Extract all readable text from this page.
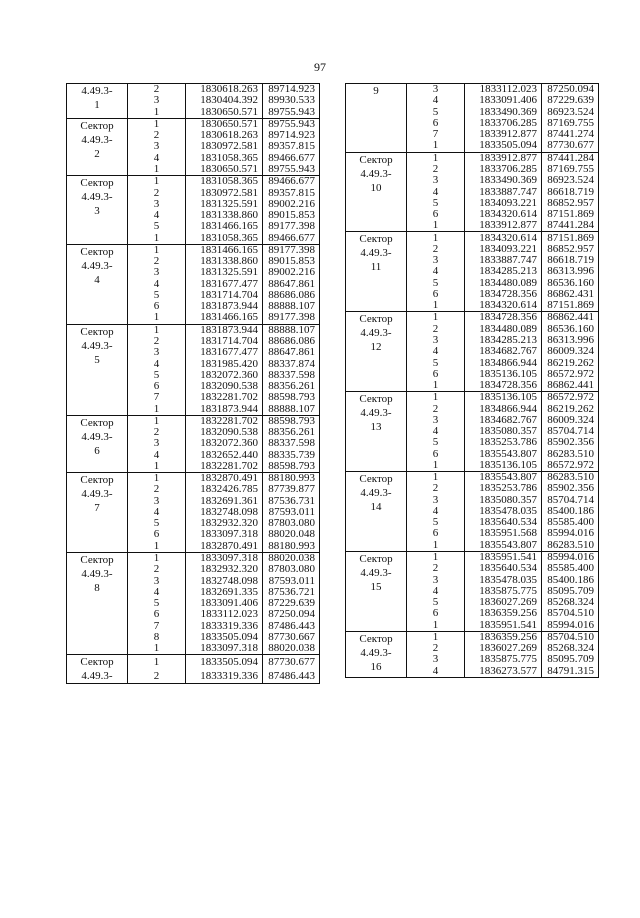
97
4.49.3-
1	2	1830618.263	89714.923
	3	1830404.392	89930.533
	1	1830650.571	89755.943
Сектор
4.49.3-
2	1	1830650.571	89755.943
	2	1830618.263	89714.923
	3	1830972.581	89357.815
	4	1831058.365	89466.677
	1	1830650.571	89755.943
Сектор
4.49.3-
3	1	1831058.365	89466.677
	2	1830972.581	89357.815
	3	1831325.591	89002.216
	4	1831338.860	89015.853
	5	1831466.165	89177.398
	1	1831058.365	89466.677
Сектор
4.49.3-
4	1	1831466.165	89177.398
	2	1831338.860	89015.853
	3	1831325.591	89002.216
	4	1831677.477	88647.861
	5	1831714.704	88686.086
	6	1831873.944	88888.107
	1	1831466.165	89177.398
Сектор
4.49.3-
5	1	1831873.944	88888.107
	2	1831714.704	88686.086
	3	1831677.477	88647.861
	4	1831985.420	88337.874
	5	1832072.360	88337.598
	6	1832090.538	88356.261
	7	1832281.702	88598.793
	1	1831873.944	88888.107
Сектор
4.49.3-
6	1	1832281.702	88598.793
	2	1832090.538	88356.261
	3	1832072.360	88337.598
	4	1832652.440	88335.739
	1	1832281.702	88598.793
Сектор
4.49.3-
7	1	1832870.491	88180.993
	2	1832426.785	87739.877
	3	1832691.361	87536.731
	4	1832748.098	87593.011
	5	1832932.320	87803.080
	6	1833097.318	88020.048
	1	1832870.491	88180.993
Сектор
4.49.3-
8	1	1833097.318	88020.038
	2	1832932.320	87803.080
	3	1832748.098	87593.011
	4	1832691.335	87536.721
	5	1833091.406	87229.639
	6	1833112.023	87250.094
	7	1833319.336	87486.443
	8	1833505.094	87730.667
	1	1833097.318	88020.038
Сектор
4.49.3-	1	1833505.094	87730.677
	2	1833319.336	87486.443
9	3	1833112.023	87250.094
	4	1833091.406	87229.639
	5	1833490.369	86923.524
	6	1833706.285	87169.755
	7	1833912.877	87441.274
	1	1833505.094	87730.677
Сектор
4.49.3-
10	1	1833912.877	87441.284
	2	1833706.285	87169.755
	3	1833490.369	86923.524
	4	1833887.747	86618.719
	5	1834093.221	86852.957
	6	1834320.614	87151.869
	1	1833912.877	87441.284
Сектор
4.49.3-
11	1	1834320.614	87151.869
	2	1834093.221	86852.957
	3	1833887.747	86618.719
	4	1834285.213	86313.996
	5	1834480.089	86536.160
	6	1834728.356	86862.431
	1	1834320.614	87151.869
Сектор
4.49.3-
12	1	1834728.356	86862.441
	2	1834480.089	86536.160
	3	1834285.213	86313.996
	4	1834682.767	86009.324
	5	1834866.944	86219.262
	6	1835136.105	86572.972
	1	1834728.356	86862.441
Сектор
4.49.3-
13	1	1835136.105	86572.972
	2	1834866.944	86219.262
	3	1834682.767	86009.324
	4	1835080.357	85704.714
	5	1835253.786	85902.356
	6	1835543.807	86283.510
	1	1835136.105	86572.972
Сектор
4.49.3-
14	1	1835543.807	86283.510
	2	1835253.786	85902.356
	3	1835080.357	85704.714
	4	1835478.035	85400.186
	5	1835640.534	85585.400
	6	1835951.568	85994.016
	1	1835543.807	86283.510
Сектор
4.49.3-
15	1	1835951.541	85994.016
	2	1835640.534	85585.400
	3	1835478.035	85400.186
	4	1835875.775	85095.709
	5	1836027.269	85268.324
	6	1836359.256	85704.510
	1	1835951.541	85994.016
Сектор
4.49.3-
16	1	1836359.256	85704.510
	2	1836027.269	85268.324
	3	1835875.775	85095.709
	4	1836273.577	84791.315
